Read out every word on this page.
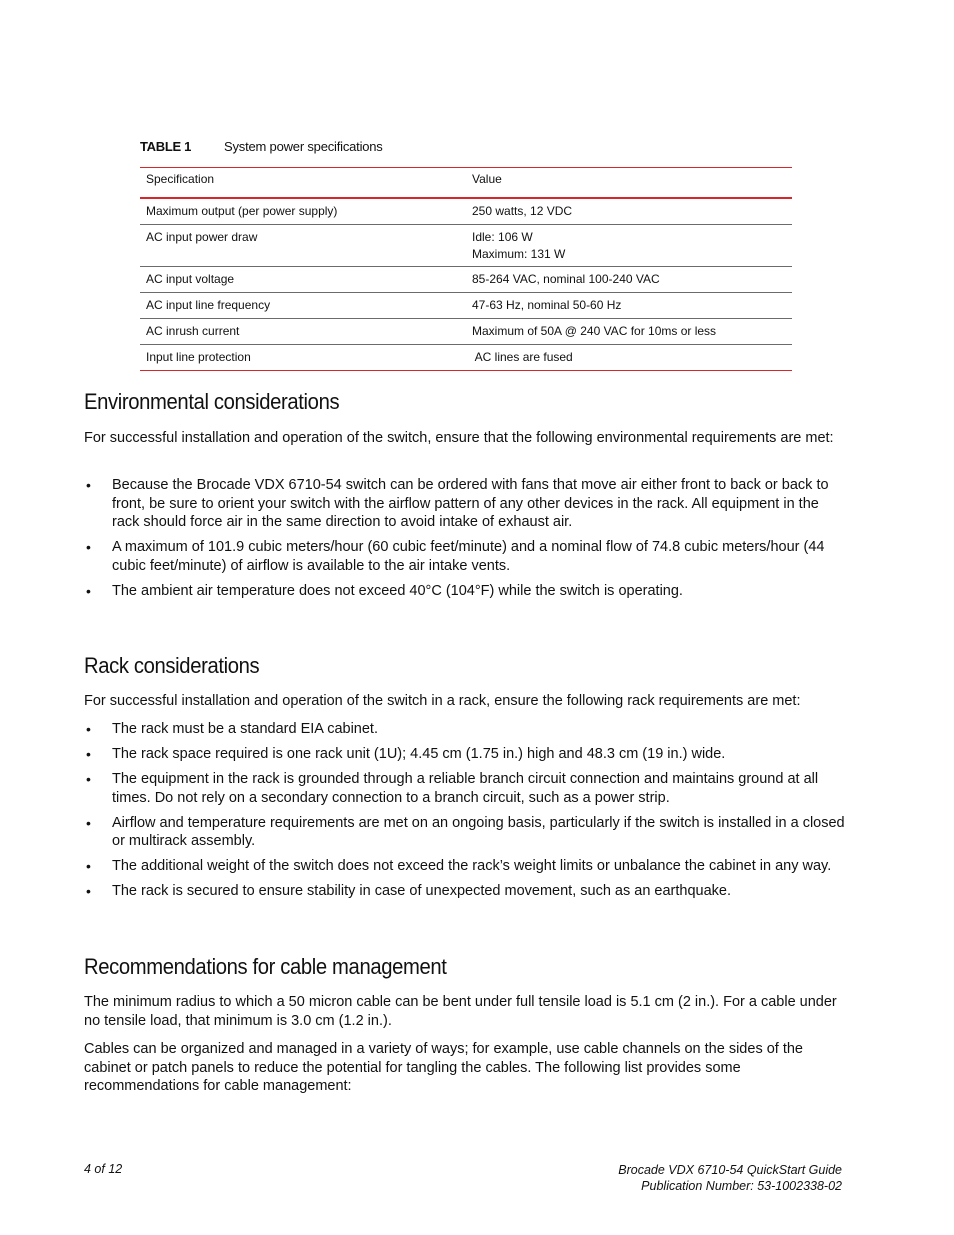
TABLE 1	System power specifications
Specification	Value
Maximum output (per power supply)	250 watts, 12 VDC

AC input power draw	Idle: 106 W
Maximum: 131 W

AC input voltage	85-264 VAC, nominal 100-240 VAC

AC input line frequency	47-63 Hz, nominal 50-60 Hz

AC inrush current	Maximum of 50A @ 240 VAC for 10ms or less

Input line protection	AC lines are fused
Environmental considerations

For successful installation and operation of the switch, ensure that the following environmental requirements are met:

• Because the Brocade VDX 6710-54 switch can be ordered with fans that move air either front to back or back to front, be sure to orient your switch with the airflow pattern of any other devices in the rack. All equipment in the rack should force air in the same direction to avoid intake of exhaust air.
• A maximum of 101.9 cubic meters/hour (60 cubic feet/minute) and a nominal flow of 74.8 cubic meters/hour (44 cubic feet/minute) of airflow is available to the air intake vents.
• The ambient air temperature does not exceed 40°C (104°F) while the switch is operating.
Rack considerations

For successful installation and operation of the switch in a rack, ensure the following rack requirements are met:

• The rack must be a standard EIA cabinet.
• The rack space required is one rack unit (1U); 4.45 cm (1.75 in.) high and 48.3 cm (19 in.) wide.
• The equipment in the rack is grounded through a reliable branch circuit connection and maintains ground at all times. Do not rely on a secondary connection to a branch circuit, such as a power strip.
• Airflow and temperature requirements are met on an ongoing basis, particularly if the switch is installed in a closed or multirack assembly.
• The additional weight of the switch does not exceed the rack’s weight limits or unbalance the cabinet in any way.
• The rack is secured to ensure stability in case of unexpected movement, such as an earthquake.
Recommendations for cable management

The minimum radius to which a 50 micron cable can be bent under full tensile load is 5.1 cm (2 in.). For a cable under no tensile load, that minimum is 3.0 cm (1.2 in.).

Cables can be organized and managed in a variety of ways; for example, use cable channels on the sides of the cabinet or patch panels to reduce the potential for tangling the cables. The following list provides some recommendations for cable management:

4 of 12	Brocade VDX 6710-54 QuickStart Guide
Publication Number: 53-1002338-02
